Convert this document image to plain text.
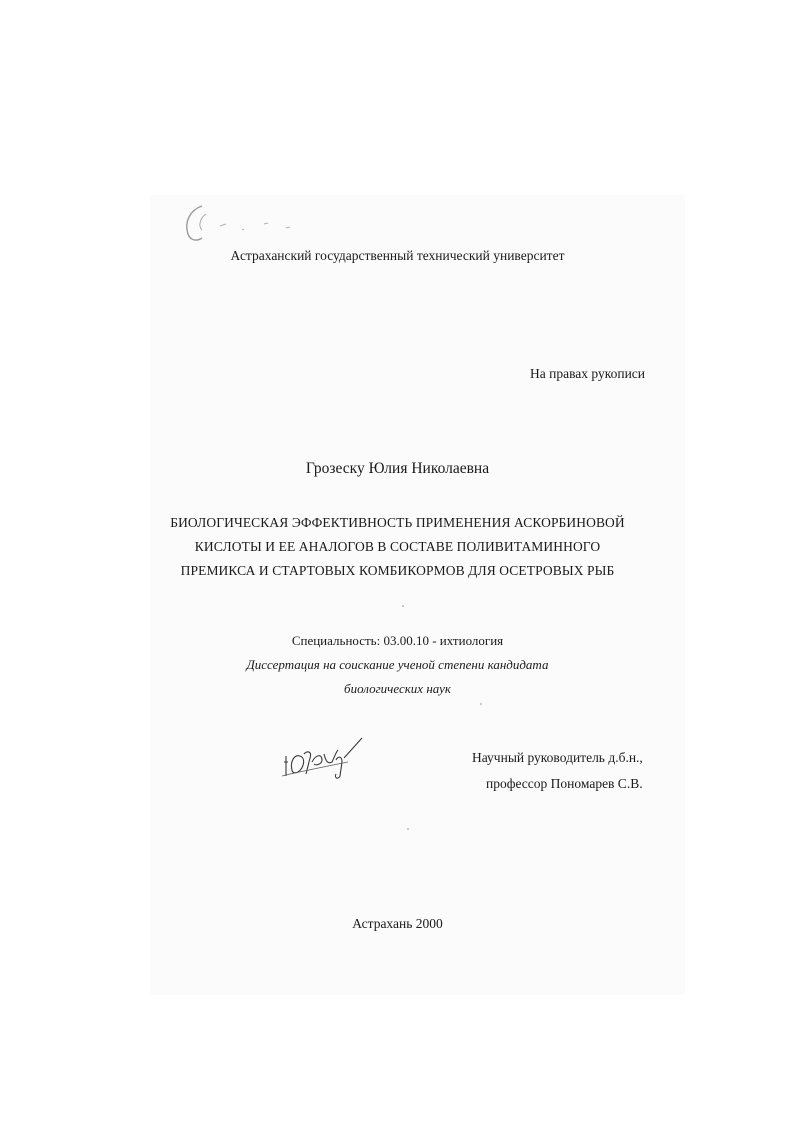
Астраханский государственный технический университет
На правах рукописи
Грозеску Юлия Николаевна
БИОЛОГИЧЕСКАЯ ЭФФЕКТИВНОСТЬ ПРИМЕНЕНИЯ АСКОРБИНОВОЙ
КИСЛОТЫ И ЕЕ АНАЛОГОВ В СОСТАВЕ ПОЛИВИТАМИННОГО
ПРЕМИКСА И СТАРТОВЫХ КОМБИКОРМОВ ДЛЯ ОСЕТРОВЫХ РЫБ
Специальность: 03.00.10 - ихтиология
Диссертация на соискание ученой степени кандидата
биологических наук
Научный руководитель д.б.н.,
профессор Пономарев С.В.
Астрахань 2000
